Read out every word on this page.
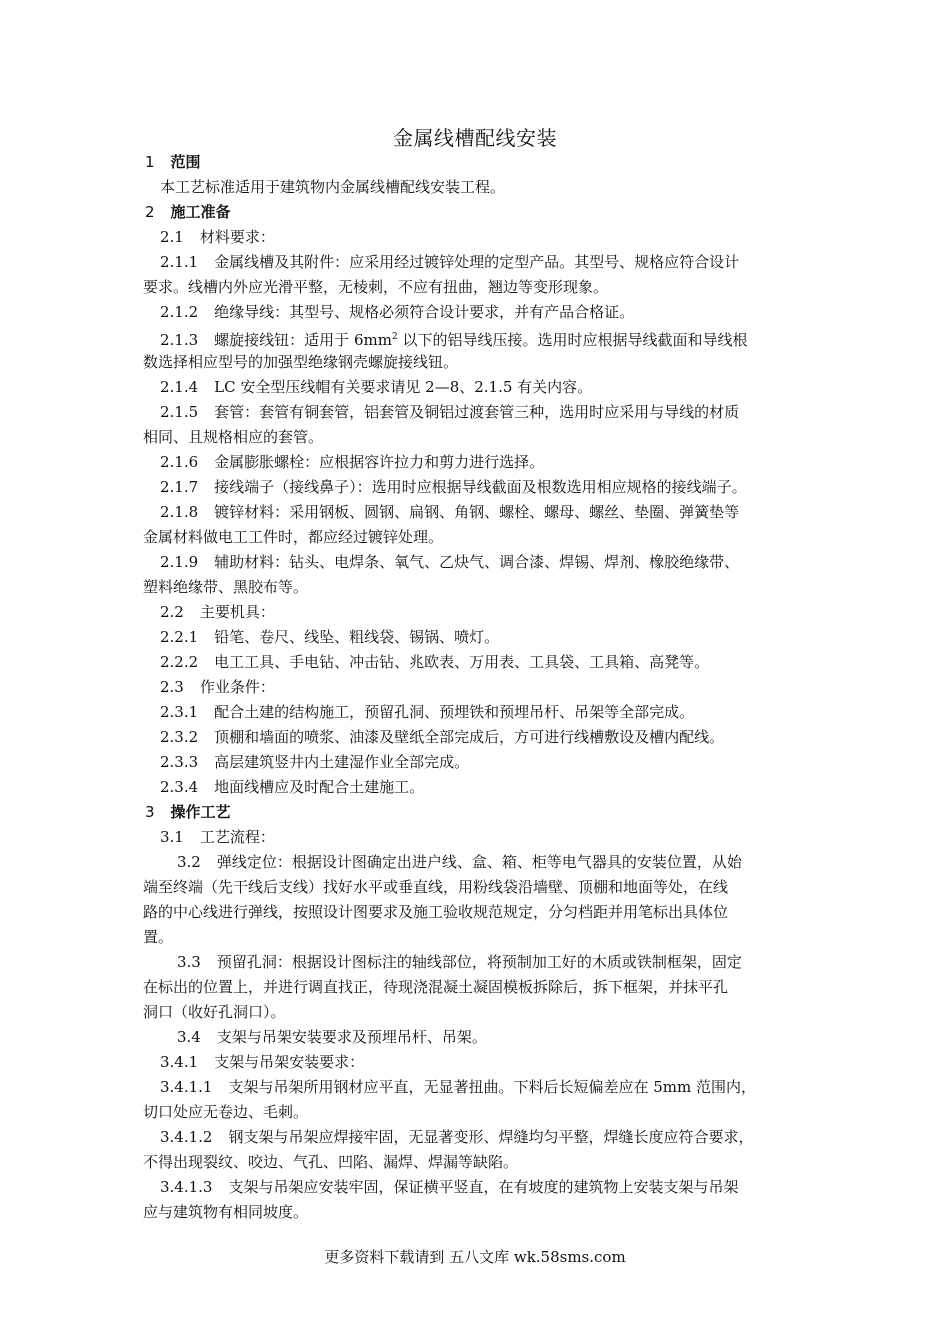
金属线槽配线安装
1 范围
本工艺标准适用于建筑物内金属线槽配线安装工程。
2 施工准备
2.1 材料要求：
2.1.1 金属线槽及其附件：应采用经过镀锌处理的定型产品。其型号、规格应符合设计
要求。线槽内外应光滑平整，无棱刺，不应有扭曲，翘边等变形现象。
2.1.2 绝缘导线：其型号、规格必须符合设计要求，并有产品合格证。
2.1.3 螺旋接线钮：适用于 $6mm^2$ 以下的铝导线压接。选用时应根据导线截面和导线根
数选择相应型号的加强型绝缘钢壳螺旋接线钮。
2.1.4 LC 安全型压线帽有关要求请见 2—8、2.1.5 有关内容。
2.1.5 套管：套管有铜套管，铝套管及铜铝过渡套管三种，选用时应采用与导线的材质
相同、且规格相应的套管。
2.1.6 金属膨胀螺栓：应根据容许拉力和剪力进行选择。
2.1.7 接线端子（接线鼻子）：选用时应根据导线截面及根数选用相应规格的接线端子。
2.1.8 镀锌材料：采用钢板、圆钢、扁钢、角钢、螺栓、螺母、螺丝、垫圈、弹簧垫等
金属材料做电工工件时，都应经过镀锌处理。
2.1.9 辅助材料：钻头、电焊条、氧气、乙炔气、调合漆、焊锡、焊剂、橡胶绝缘带、
塑料绝缘带、黑胶布等。
2.2 主要机具：
2.2.1 铅笔、卷尺、线坠、粗线袋、锡锅、喷灯。
2.2.2 电工工具、手电钻、冲击钻、兆欧表、万用表、工具袋、工具箱、高凳等。
2.3 作业条件：
2.3.1 配合土建的结构施工，预留孔洞、预埋铁和预埋吊杆、吊架等全部完成。
2.3.2 顶棚和墙面的喷浆、油漆及壁纸全部完成后，方可进行线槽敷设及槽内配线。
2.3.3 高层建筑竖井内土建湿作业全部完成。
2.3.4 地面线槽应及时配合土建施工。
3 操作工艺
3.1 工艺流程：
3.2 弹线定位：根据设计图确定出进户线、盒、箱、柜等电气器具的安装位置，从始
端至终端（先干线后支线）找好水平或垂直线，用粉线袋沿墙壁、顶棚和地面等处，在线
路的中心线进行弹线，按照设计图要求及施工验收规范规定，分匀档距并用笔标出具体位
置。
3.3 预留孔洞：根据设计图标注的轴线部位，将预制加工好的木质或铁制框架，固定
在标出的位置上，并进行调直找正，待现浇混凝土凝固模板拆除后，拆下框架，并抹平孔
洞口（收好孔洞口）。
3.4 支架与吊架安装要求及预埋吊杆、吊架。
3.4.1 支架与吊架安装要求：
3.4.1.1 支架与吊架所用钢材应平直，无显著扭曲。下料后长短偏差应在 5mm 范围内，
切口处应无卷边、毛刺。
3.4.1.2 钢支架与吊架应焊接牢固，无显著变形、焊缝均匀平整，焊缝长度应符合要求，
不得出现裂纹、咬边、气孔、凹陷、漏焊、焊漏等缺陷。
3.4.1.3 支架与吊架应安装牢固，保证横平竖直，在有坡度的建筑物上安装支架与吊架
应与建筑物有相同坡度。
更多资料下载请到 五八文库 wk.58sms.com
